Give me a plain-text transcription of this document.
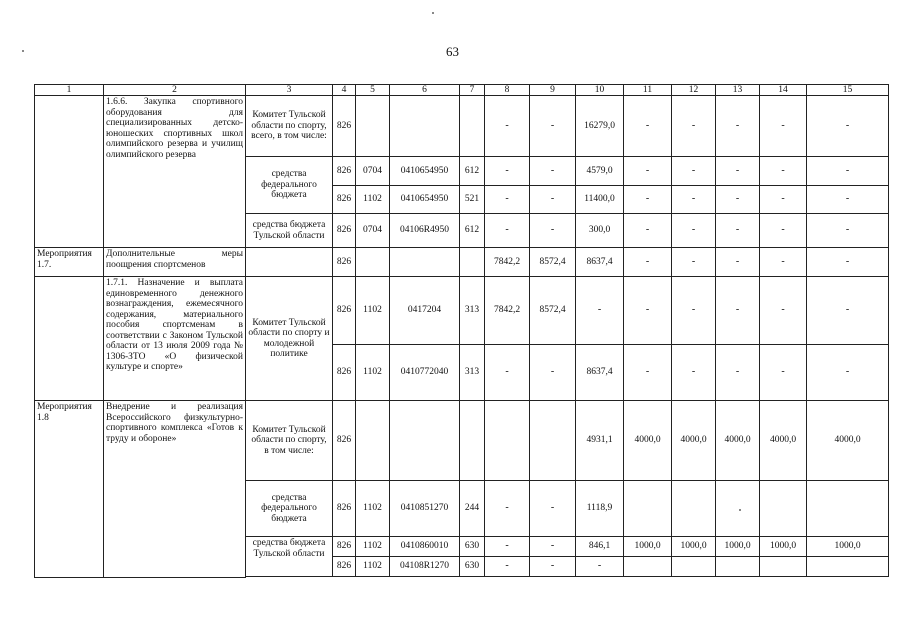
63
1	2	3	4	5	6	7	8	9	10	11	12	13	14	15
	1.6.6. Закупка спортивного оборудования для специализированных детско-юношеских спортивных школ олимпийского резерва и училищ олимпийского резерва	Комитет Тульской области по спорту, всего, в том числе:	826				-	-	16279,0	-	-	-	-	-
		средства федерального бюджета	826	0704	0410654950	612	-	-	4579,0	-	-	-	-	-
			826	1102	0410654950	521	-	-	11400,0	-	-	-	-	-
		средства бюджета Тульской области	826	0704	04106R4950	612	-	-	300,0	-	-	-	-	-
Мероприятия 1.7.	Дополнительные меры поощрения спортсменов		826				7842,2	8572,4	8637,4	-	-	-	-	-
	1.7.1. Назначение и выплата единовременного денежного вознаграждения, ежемесячного содержания, материального пособия спортсменам в соответствии с Законом Тульской области от 13 июля 2009 года № 1306-ЗТО «О физической культуре и спорте»	Комитет Тульской области по спорту и молодежной политике	826	1102	0417204	313	7842,2	8572,4	-	-	-	-	-	-
			826	1102	0410772040	313	-	-	8637,4	-	-	-	-	-
Мероприятия 1.8	Внедрение и реализация Всероссийского физкультурно-спортивного комплекса «Готов к труду и обороне»	Комитет Тульской области по спорту, в том числе:	826						4931,1	4000,0	4000,0	4000,0	4000,0	4000,0
		средства федерального бюджета	826	1102	0410851270	244	-	-	1118,9					
		средства бюджета Тульской области	826	1102	0410860010	630	-	-	846,1	1000,0	1000,0	1000,0	1000,0	1000,0
			826	1102	04108R1270	630	-	-	-					
